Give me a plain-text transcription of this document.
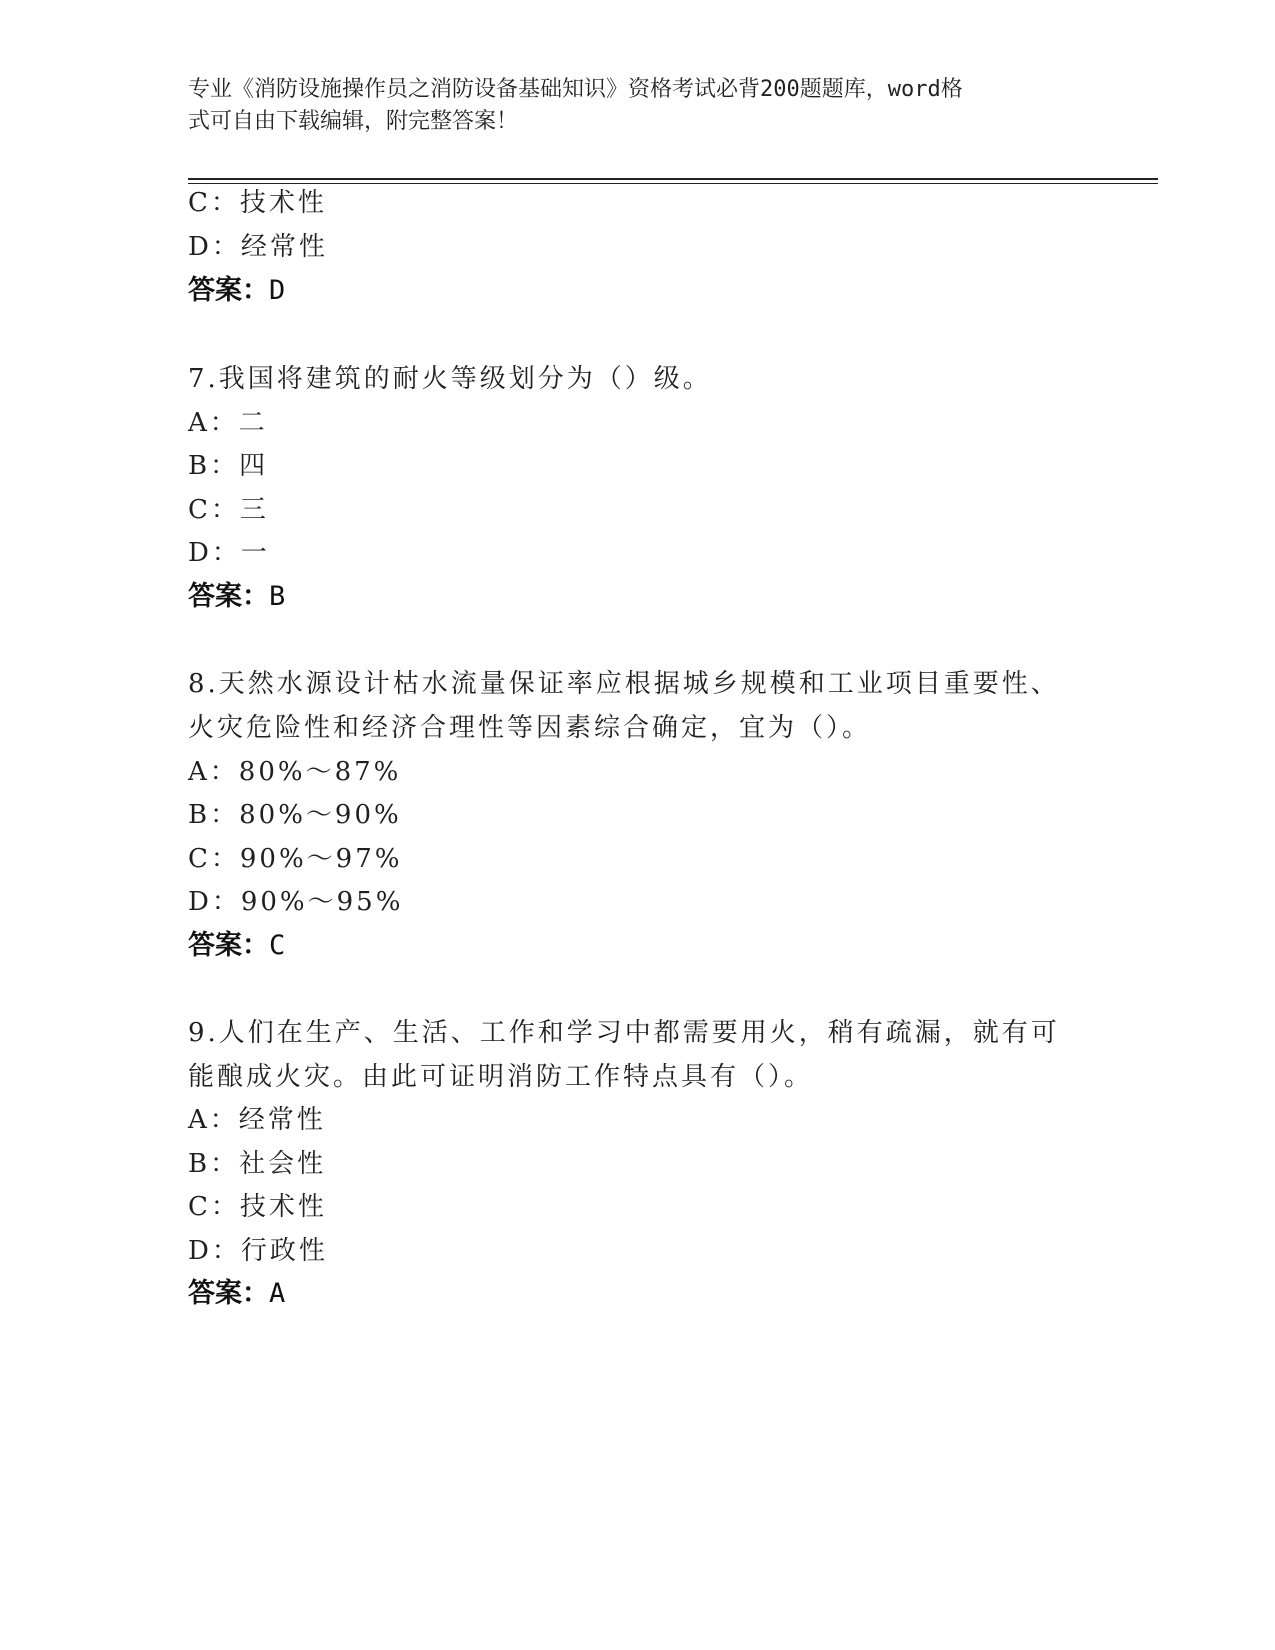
专业《消防设施操作员之消防设备基础知识》资格考试必背200题题库，word格
式可自由下载编辑，附完整答案！
C：技术性
D：经常性
答案：D
7.我国将建筑的耐火等级划分为（）级。
A：二
B：四
C：三
D：一
答案：B
8.天然水源设计枯水流量保证率应根据城乡规模和工业项目重要性、
火灾危险性和经济合理性等因素综合确定，宜为（）。
A：80%～87%
B：80%～90%
C：90%～97%
D：90%～95%
答案：C
9.人们在生产、生活、工作和学习中都需要用火，稍有疏漏，就有可
能酿成火灾。由此可证明消防工作特点具有（）。
A：经常性
B：社会性
C：技术性
D：行政性
答案：A
